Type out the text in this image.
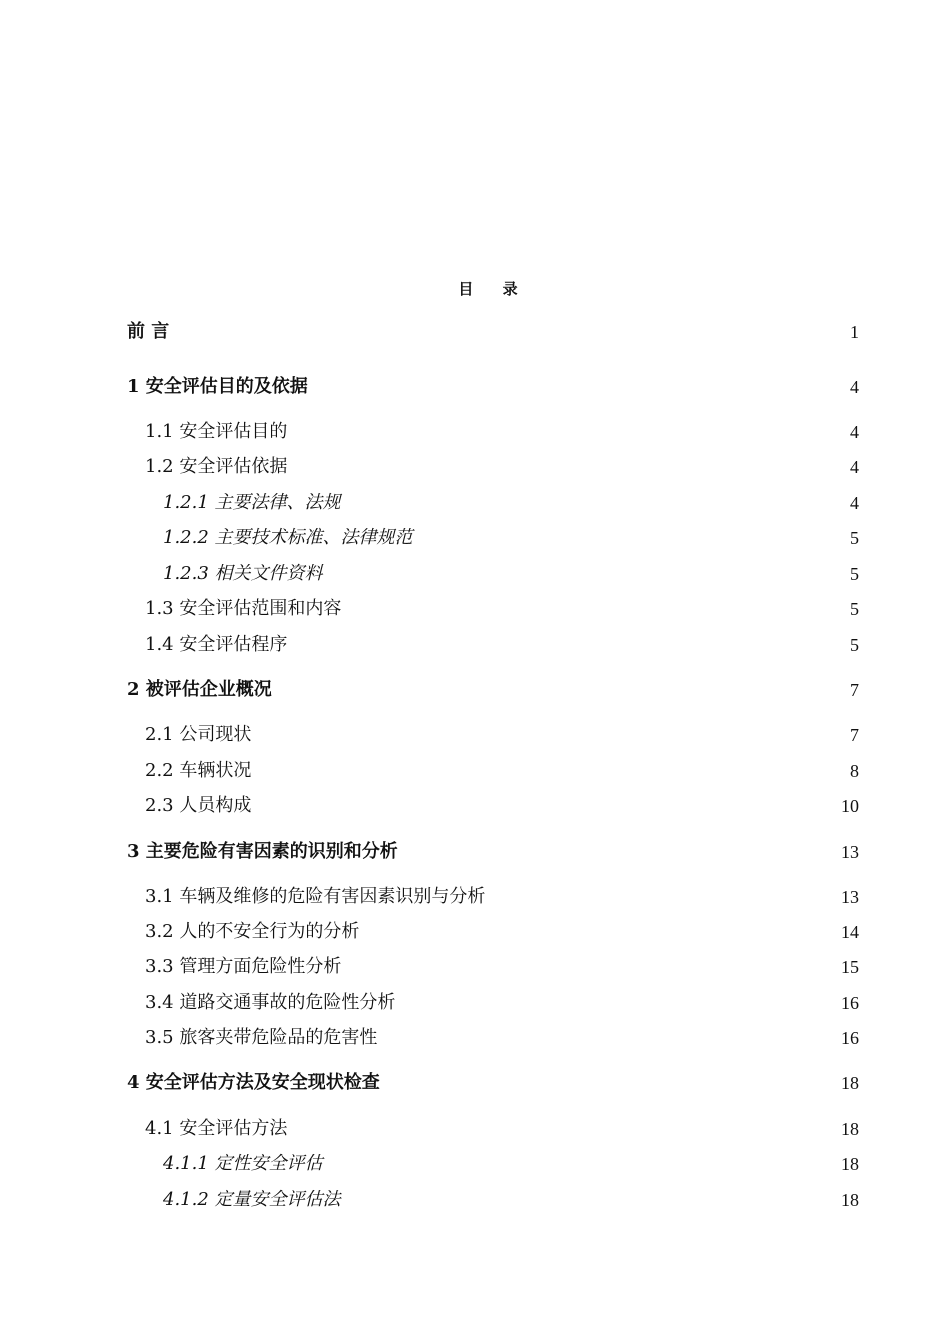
目 录
前 言	1
1 安全评估目的及依据	4
1.1 安全评估目的	4
1.2 安全评估依据	4
1.2.1 主要法律、法规	4
1.2.2 主要技术标准、法律规范	5
1.2.3 相关文件资料	5
1.3 安全评估范围和内容	5
1.4 安全评估程序	5
2 被评估企业概况	7
2.1 公司现状	7
2.2 车辆状况	8
2.3 人员构成	10
3 主要危险有害因素的识别和分析	13
3.1 车辆及维修的危险有害因素识别与分析	13
3.2 人的不安全行为的分析	14
3.3 管理方面危险性分析	15
3.4 道路交通事故的危险性分析	16
3.5 旅客夹带危险品的危害性	16
4 安全评估方法及安全现状检查	18
4.1 安全评估方法	18
4.1.1 定性安全评估	18
4.1.2 定量安全评估法	18
